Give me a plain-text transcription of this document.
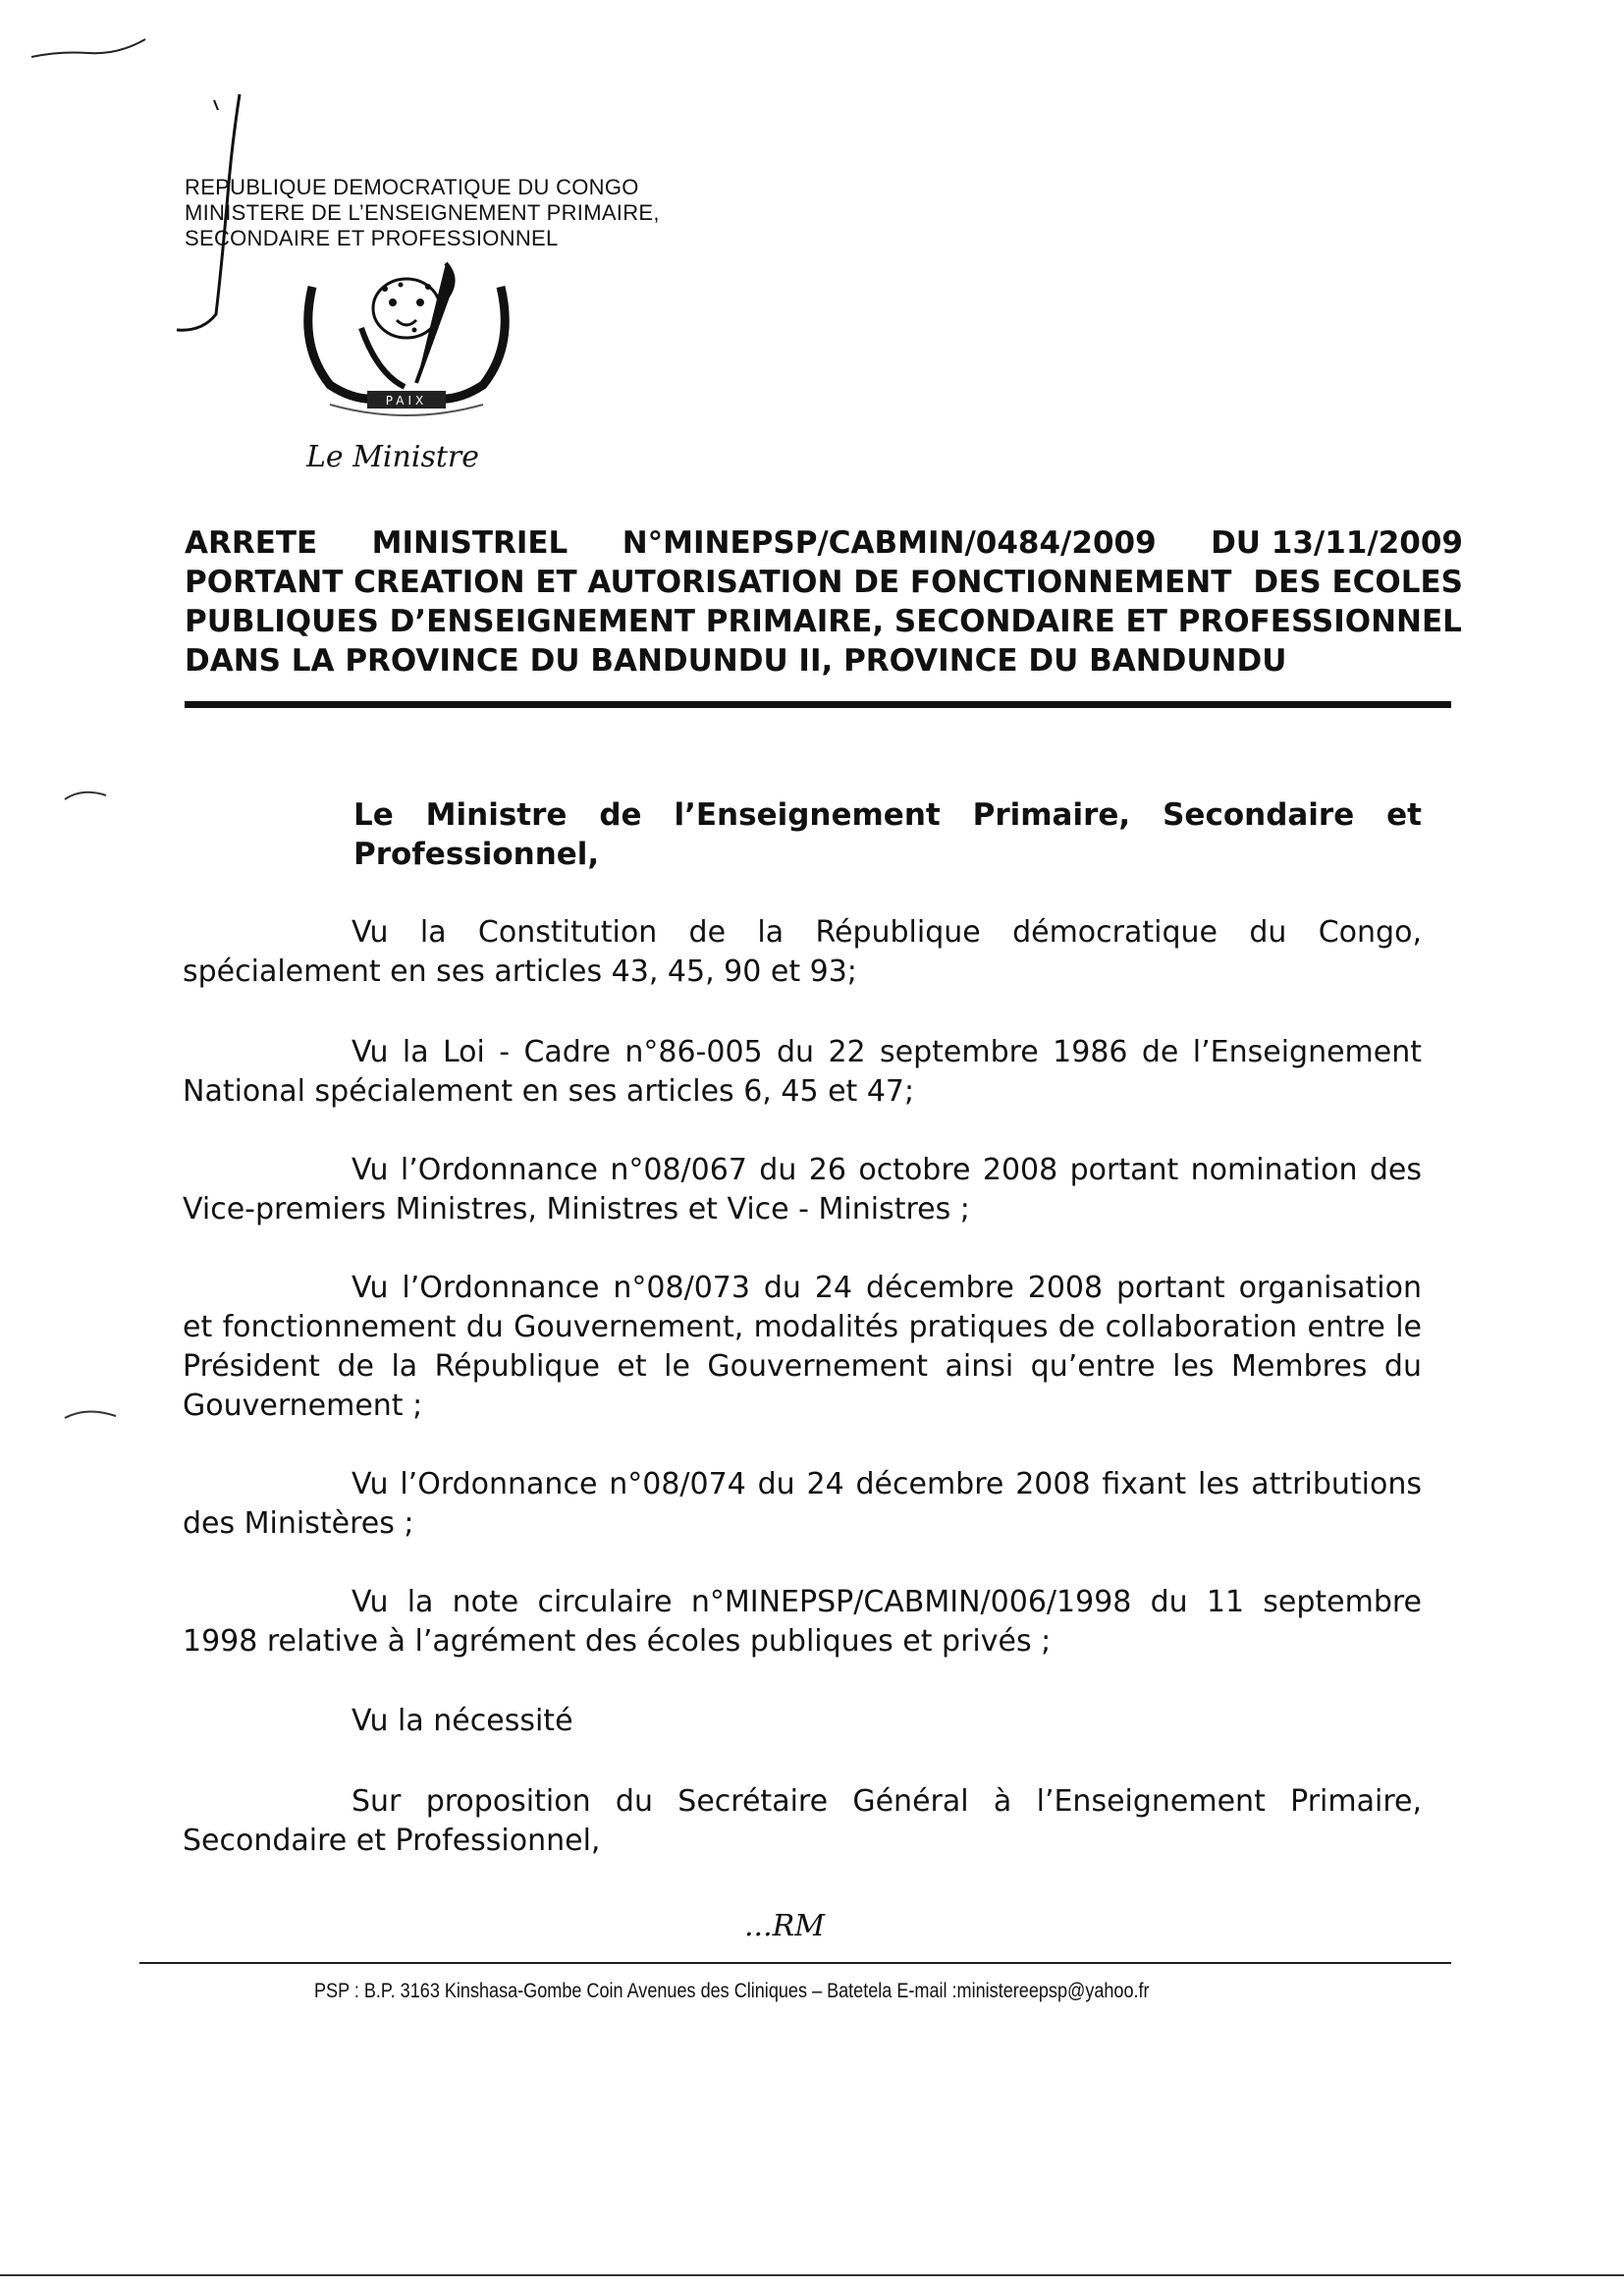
REPUBLIQUE DEMOCRATIQUE DU CONGO
MINISTERE DE L’ENSEIGNEMENT PRIMAIRE,
SECONDAIRE ET PROFESSIONNEL
PAIX
Le Ministre
ARRETE MINISTRIEL N°MINEPSP/CABMIN/0484/2009 DU 13/11/2009
PORTANT CREATION ET AUTORISATION DE FONCTIONNEMENT DES ECOLES
PUBLIQUES D’ENSEIGNEMENT PRIMAIRE, SECONDAIRE ET PROFESSIONNEL
DANS LA PROVINCE DU BANDUNDU II, PROVINCE DU BANDUNDU
Le Ministre de l’Enseignement Primaire, Secondaire et Professionnel,
Vu la Constitution de la République démocratique du Congo, spécialement en ses articles 43, 45, 90 et 93;
Vu la Loi - Cadre n°86-005 du 22 septembre 1986 de l’Enseignement National spécialement en ses articles 6, 45 et 47;
Vu l’Ordonnance n°08/067 du 26 octobre 2008 portant nomination des Vice-premiers Ministres, Ministres et Vice - Ministres ;
Vu l’Ordonnance n°08/073 du 24 décembre 2008 portant organisation et fonctionnement du Gouvernement, modalités pratiques de collaboration entre le Président de la République et le Gouvernement ainsi qu’entre les Membres du Gouvernement ;
Vu l’Ordonnance n°08/074 du 24 décembre 2008 fixant les attributions des Ministères ;
Vu la note circulaire n°MINEPSP/CABMIN/006/1998 du 11 septembre 1998 relative à l’agrément des écoles publiques et privés ;
Vu la nécessité
Sur proposition du Secrétaire Général à l’Enseignement Primaire, Secondaire et Professionnel,
...RM
PSP : B.P. 3163 Kinshasa-Gombe Coin Avenues des Cliniques – Batetela E-mail :ministereepsp@yahoo.fr
